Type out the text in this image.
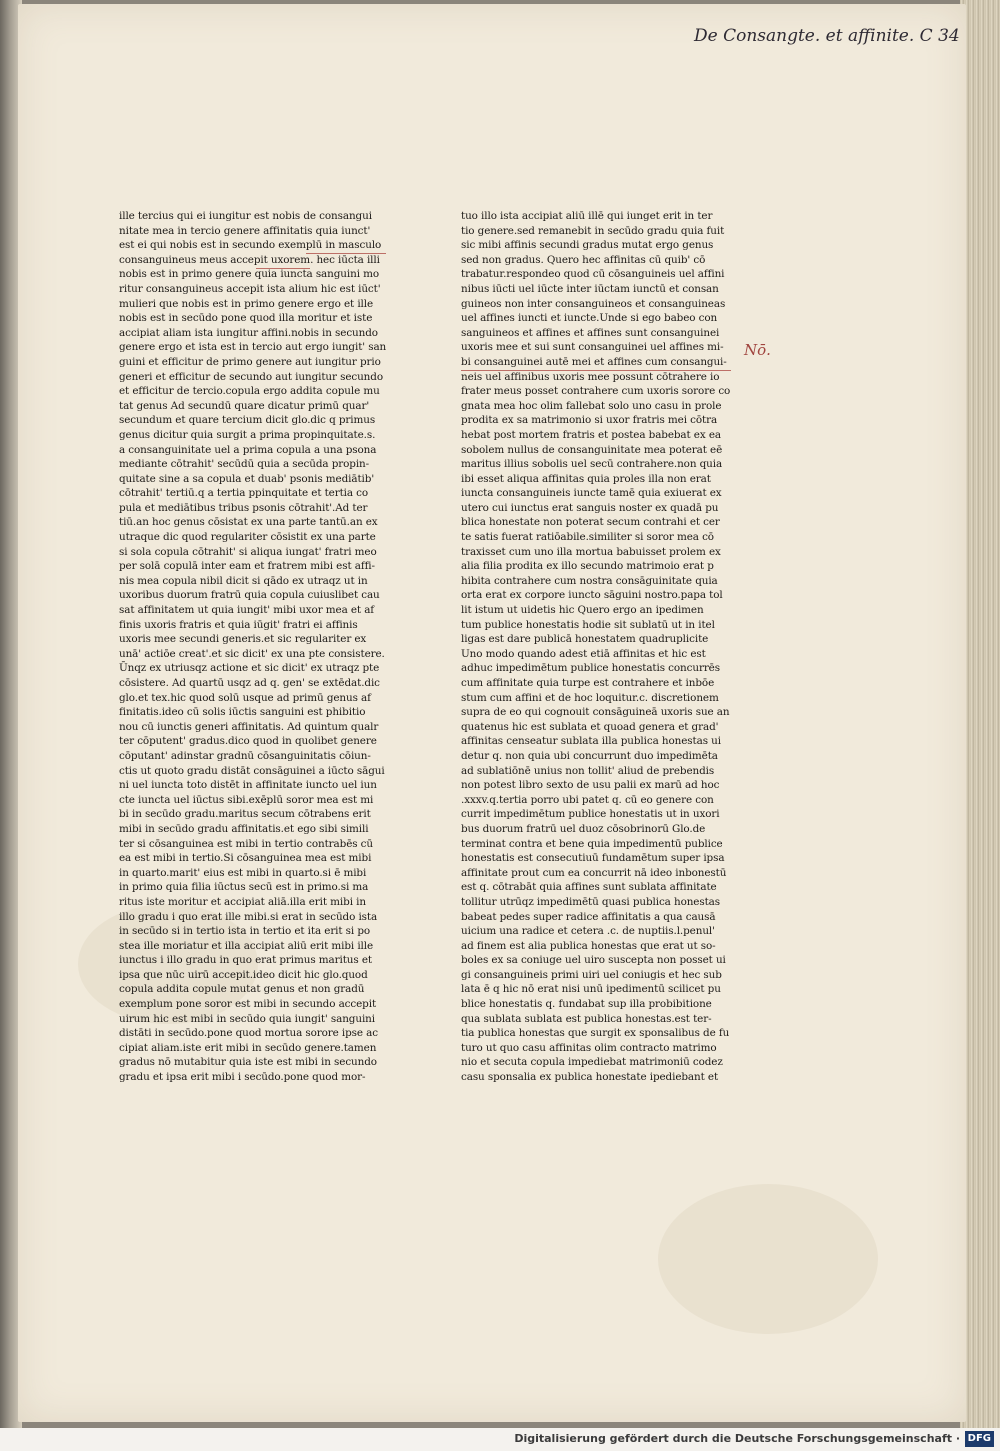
De Consangte. et affinite. C 34
Nō.
ille tercius qui ei iungitur est nobis de consangui
nitate mea in tercio genere affinitatis quia iunct'
est ei qui nobis est in secundo exemplū in masculo
consanguineus meus accepit uxorem. hec iūcta illi
nobis est in primo genere quia iuncta sanguini mo
ritur consanguineus accepit ista alium hic est iūct'
mulieri que nobis est in primo genere ergo et ille
nobis est in secūdo pone quod illa moritur et iste
accipiat aliam ista iungitur affini.nobis in secundo
genere ergo et ista est in tercio aut ergo iungit' san
guini et efficitur de primo genere aut iungitur prio
generi et efficitur de secundo aut iungitur secundo
et efficitur de tercio.copula ergo addita copule mu
tat genus Ad secundū quare dicatur primū quar'
secundum et quare tercium dicit glo.dic q primus
genus dicitur quia surgit a prima propinquitate.s.
a consanguinitate uel a prima copula a una psona
mediante cōtrahit' secūdū quia a secūda propin-
quitate sine a sa copula et duab' psonis mediātib'
cōtrahit' tertiū.q a tertia ppinquitate et tertia co
pula et mediātibus tribus psonis cōtrahit'.Ad ter
tiū.an hoc genus cōsistat ex una parte tantū.an ex
utraque dic quod regulariter cōsistit ex una parte
si sola copula cōtrahit' si aliqua iungat' fratri meo
per solā copulā inter eam et fratrem mibi est affi-
nis mea copula nibil dicit si qādo ex utraqz ut in
uxoribus duorum fratrū quia copula cuiuslibet cau
sat affinitatem ut quia iungit' mibi uxor mea et af
finis uxoris fratris et quia iūgit' fratri ei affinis
uxoris mee secundi generis.et sic regulariter ex
unā' actiōe creat'.et sic dicit' ex una pte consistere.
Ūnqz ex utriusqz actione et sic dicit' ex utraqz pte
cōsistere. Ad quartū usqz ad q. gen' se extēdat.dic
glo.et tex.hic quod solū usque ad primū genus af
finitatis.ideo cū solis iūctis sanguini est phibitio
nou cū iunctis generi affinitatis. Ad quintum qualr
ter cōputent' gradus.dico quod in quolibet genere
cōputant' adinstar gradnū cōsanguinitatis cōiun-
ctis ut quoto gradu distāt consāguinei a iūcto sāgui
ni uel iuncta toto distēt in affinitate iuncto uel iun
cte iuncta uel iūctus sibi.exēplū soror mea est mi
bi in secūdo gradu.maritus secum cōtrabens erit
mibi in secūdo gradu affinitatis.et ego sibi simili
ter si cōsanguinea est mibi in tertio contrabēs cū
ea est mibi in tertio.Si cōsanguinea mea est mibi
in quarto.marit' eius est mibi in quarto.si ē mibi
in primo quia filia iūctus secū est in primo.si ma
ritus iste moritur et accipiat aliā.illa erit mibi in
illo gradu i quo erat ille mibi.si erat in secūdo ista
in secūdo si in tertio ista in tertio et ita erit si po
stea ille moriatur et illa accipiat aliū erit mibi ille
iunctus i illo gradu in quo erat primus maritus et
ipsa que nūc uirū accepit.ideo dicit hic glo.quod
copula addita copule mutat genus et non gradū
exemplum pone soror est mibi in secundo accepit
uirum hic est mibi in secūdo quia iungit' sanguini
distāti in secūdo.pone quod mortua sorore ipse ac
cipiat aliam.iste erit mibi in secūdo genere.tamen
gradus nō mutabitur quia iste est mibi in secundo
gradu et ipsa erit mibi i secūdo.pone quod mor-
tuo illo ista accipiat aliū illē qui iunget erit in ter
tio genere.sed remanebit in secūdo gradu quia fuit
sic mibi affinis secundi gradus mutat ergo genus
sed non gradus. Quero hec affinitas cū quib' cō
trabatur.respondeo quod cū cōsanguineis uel affini
nibus iūcti uel iūcte inter iūctam iunctū et consan
guineos non inter consanguineos et consanguineas
uel affines iuncti et iuncte.Unde si ego babeo con
sanguineos et affines et affines sunt consanguinei
uxoris mee et sui sunt consanguinei uel affines mi-
bi consanguinei autē mei et affines cum consangui-
neis uel affinibus uxoris mee possunt cōtrahere io
frater meus posset contrahere cum uxoris sorore co
gnata mea hoc olim fallebat solo uno casu in prole
prodita ex sa matrimonio si uxor fratris mei cōtra
hebat post mortem fratris et postea babebat ex ea
sobolem nullus de consanguinitate mea poterat eē
maritus illius sobolis uel secū contrahere.non quia
ibi esset aliqua affinitas quia proles illa non erat
iuncta consanguineis iuncte tamē quia exiuerat ex
utero cui iunctus erat sanguis noster ex quadā pu
blica honestate non poterat secum contrahi et cer
te satis fuerat ratiōabile.similiter si soror mea cō
traxisset cum uno illa mortua babuisset prolem ex
alia filia prodita ex illo secundo matrimoio erat p
hibita contrahere cum nostra consāguinitate quia
orta erat ex corpore iuncto sāguini nostro.papa tol
lit istum ut uidetis hic Quero ergo an ipedimen
tum publice honestatis hodie sit sublatū ut in itel
ligas est dare publicā honestatem quadruplicite
Uno modo quando adest etiā affinitas et hic est
adhuc impedimētum publice honestatis concurrēs
cum affinitate quia turpe est contrahere et inbōe
stum cum affini et de hoc loquitur.c. discretionem
supra de eo qui cognouit consāguineā uxoris sue an
quatenus hic est sublata et quoad genera et grad'
affinitas censeatur sublata illa publica honestas ui
detur q. non quia ubi concurrunt duo impedimēta
ad sublatiōnē unius non tollit' aliud de prebendis
non potest libro sexto de usu palii ex marū ad hoc
.xxxv.q.tertia porro ubi patet q. cū eo genere con
currit impedimētum publice honestatis ut in uxori
bus duorum fratrū uel duoz cōsobrinorū Glo.de
terminat contra et bene quia impedimentū publice
honestatis est consecutiuū fundamētum super ipsa
affinitate prout cum ea concurrit nā ideo inbonestū
est q. cōtrabāt quia affines sunt sublata affinitate
tollitur utrūqz impedimētū quasi publica honestas
babeat pedes super radice affinitatis a qua causā
uicium una radice et cetera .c. de nuptiis.l.penul'
ad finem est alia publica honestas que erat ut so-
boles ex sa coniuge uel uiro suscepta non posset ui
gi consanguineis primi uiri uel coniugis et hec sub
lata ē q hic nō erat nisi unū ipedimentū scilicet pu
blice honestatis q. fundabat sup illa probibitione
qua sublata sublata est publica honestas.est ter-
tia publica honestas que surgit ex sponsalibus de fu
turo ut quo casu affinitas olim contracto matrimo
nio et secuta copula impediebat matrimoniū codez
casu sponsalia ex publica honestate ipediebant et
Digitalisierung gefördert durch die Deutsche Forschungsgemeinschaft · DFG
